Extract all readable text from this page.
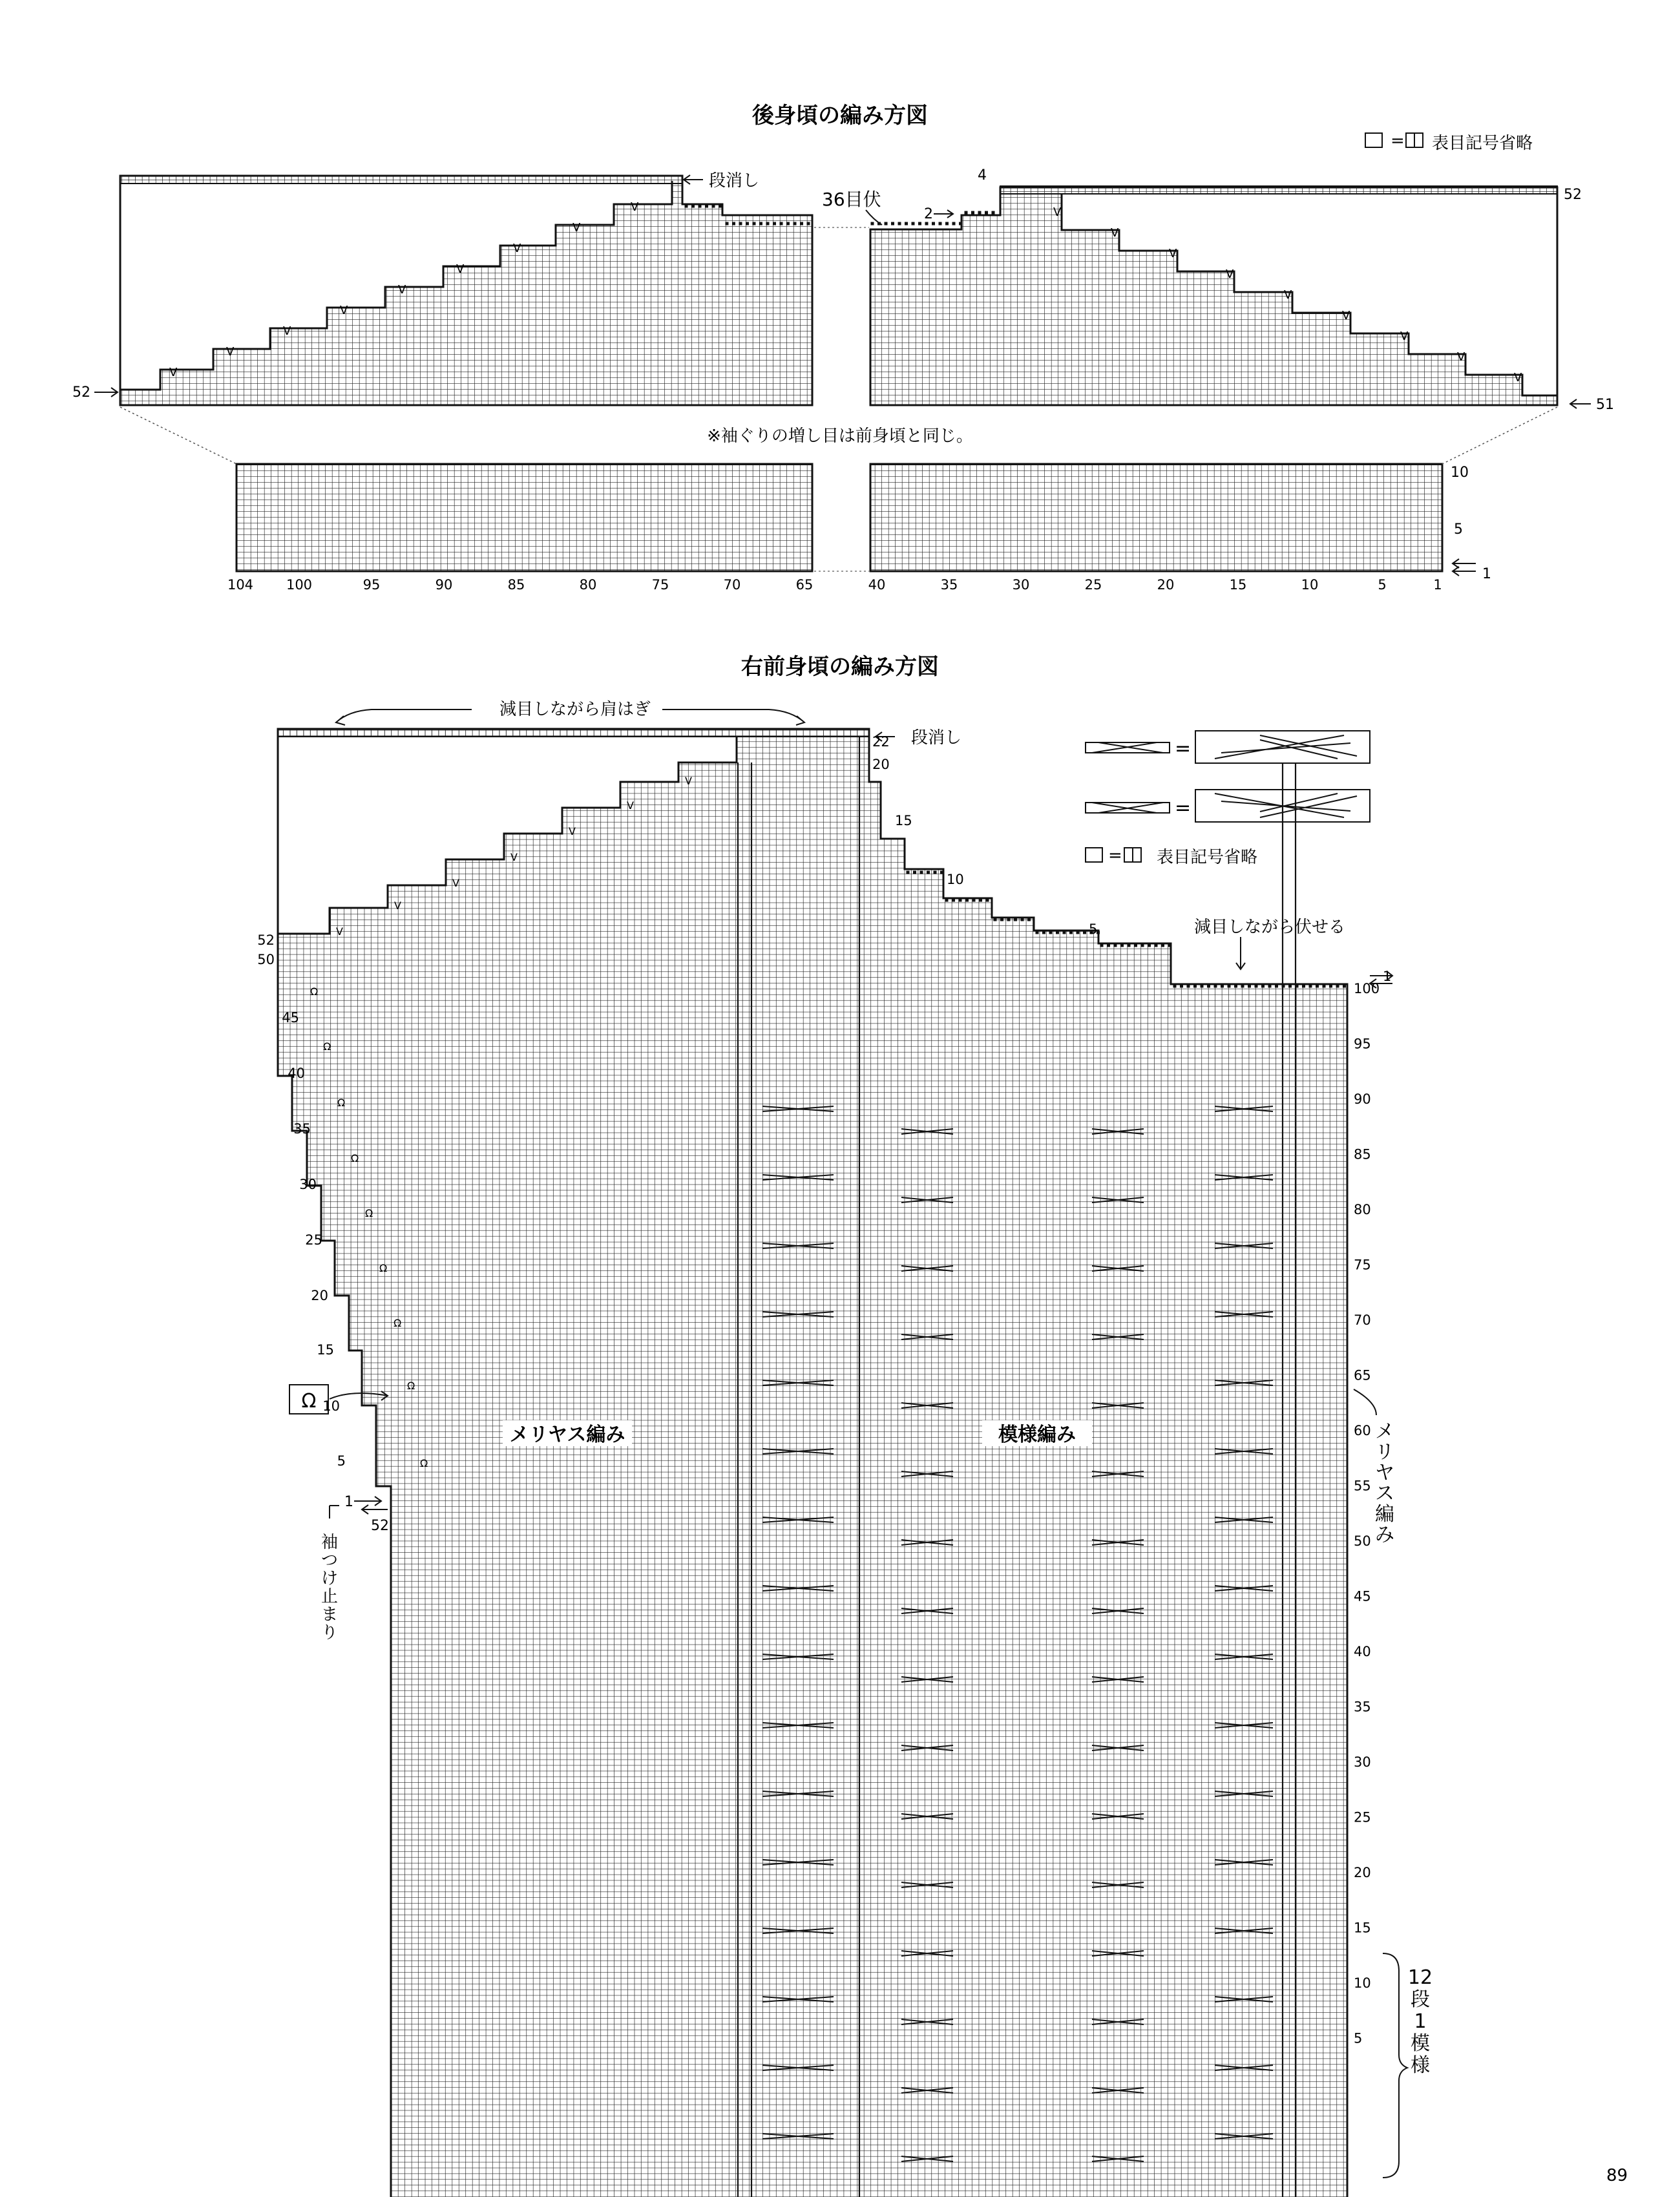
後身頃の編み方図
= 表目記号省略
V
V
V
V
V
V
V
V
V
V
V
V
V
V
V
V
V
V
段消し
36目伏
52
4
52
2
51
※袖ぐりの増し目は前身頃と同じ。
10
5
1
104 100	95	90	85	80	75	70	65	40	35	30	25	20	15	10	5	1
右前身頃の編み方図
減目しながら肩はぎ
Ω
Ω
Ω
Ω
Ω
Ω
Ω
Ω
Ω
V
V
V
V
V
V
V
段消し
減目しながら伏せる
=
=
= 表目記号省略
メリヤス編み	模様編み
Ω
袖つけ止まり
1
52
メリヤス編み
12 段 1 模様
100
95
90
85
80
75
70
65
60
55
50
45
40
35
30
25
20
15
10
5
52
50
45
40
35
30
25
20
15
10
5
22
20
15
10
5
1
89
